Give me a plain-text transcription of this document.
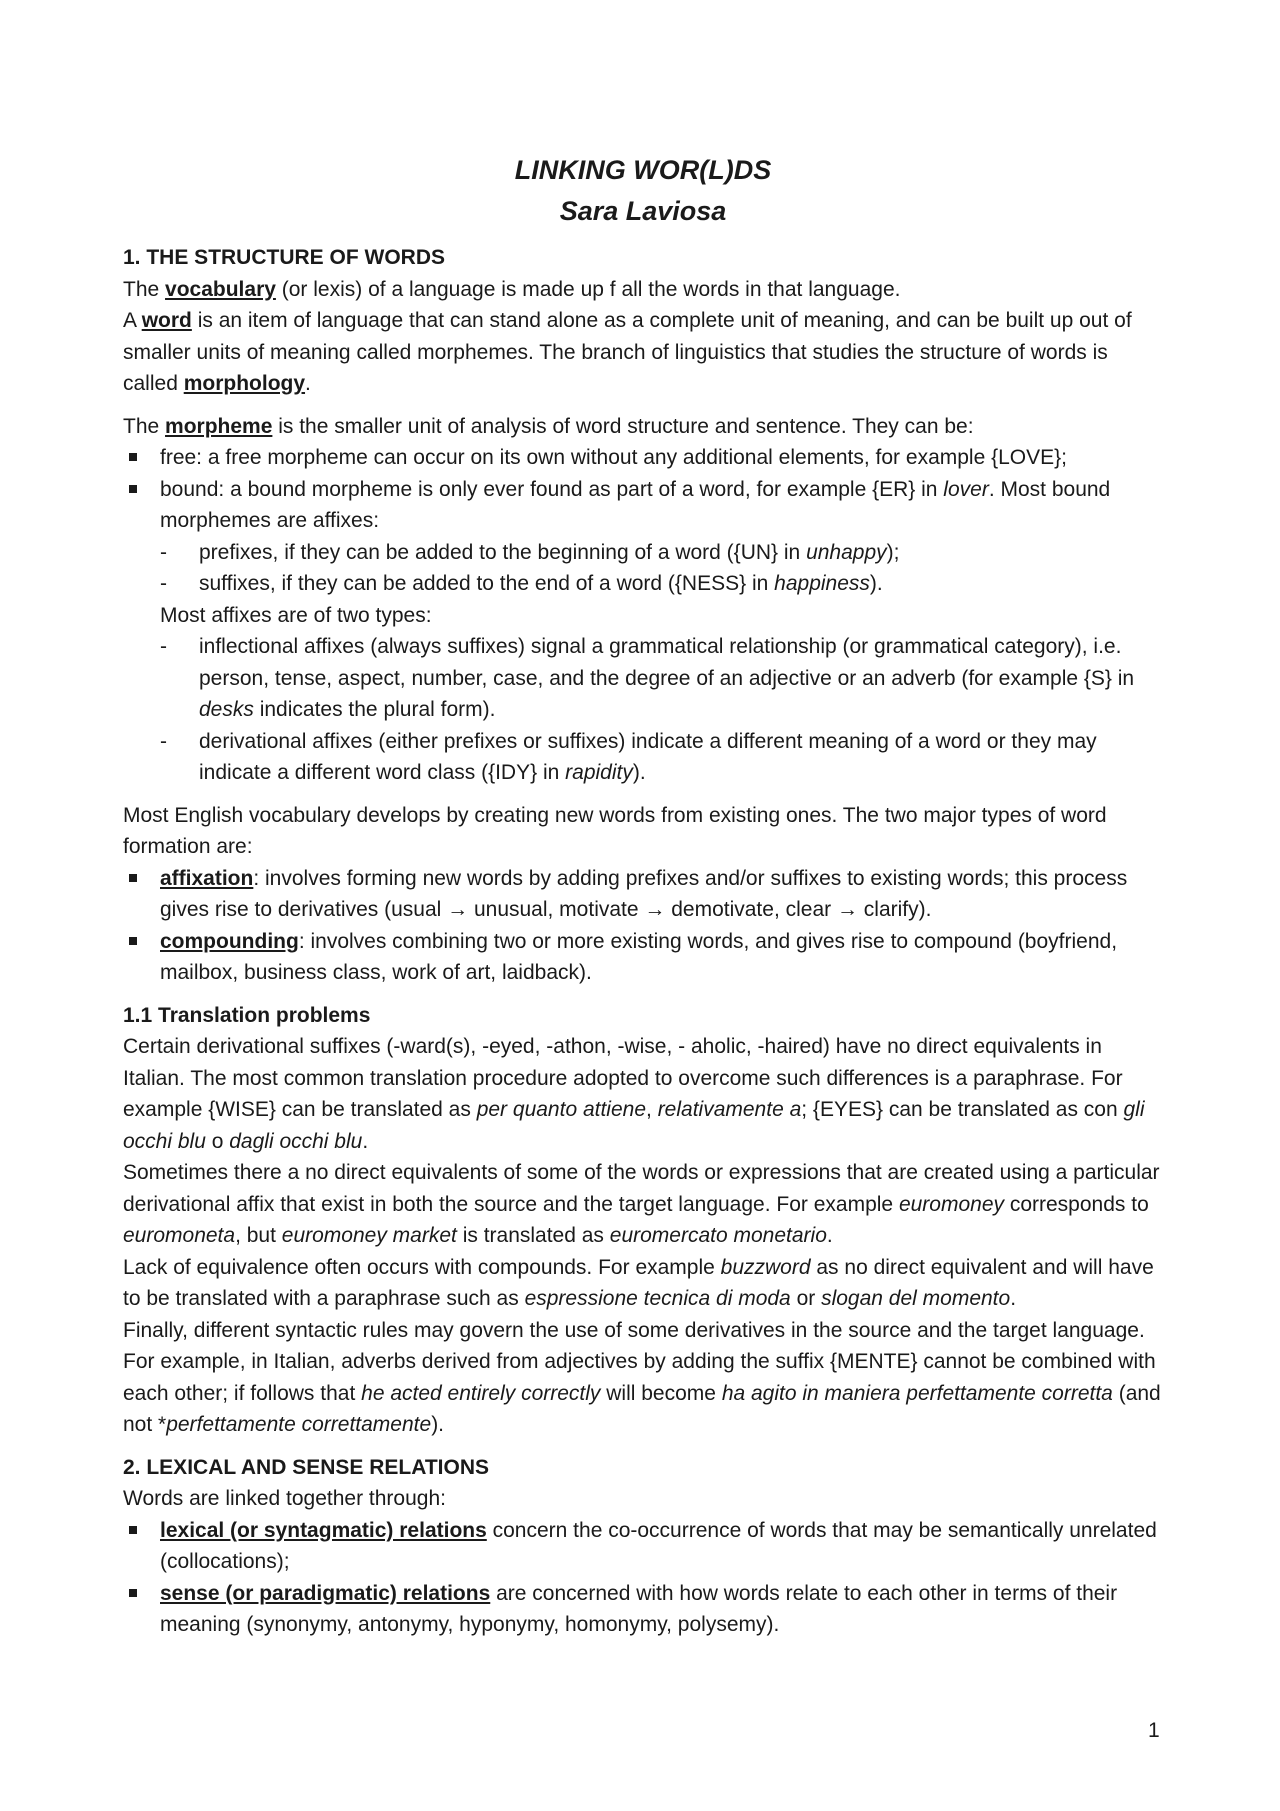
LINKING WOR(L)DS

Sara Laviosa

1. THE STRUCTURE OF WORDS

The vocabulary (or lexis) of a language is made up f all the words in that language.

A word is an item of language that can stand alone as a complete unit of meaning, and can be built up out of smaller units of meaning called morphemes. The branch of linguistics that studies the structure of words is called morphology.

The morpheme is the smaller unit of analysis of word structure and sentence. They can be:

free: a free morpheme can occur on its own without any additional elements, for example {LOVE};
bound: a bound morpheme is only ever found as part of a word, for example {ER} in lover. Most bound morphemes are affixes:
-	prefixes, if they can be added to the beginning of a word ({UN} in unhappy);
-	suffixes, if they can be added to the end of a word ({NESS} in happiness).

Most affixes are of two types:

-	inflectional affixes (always suffixes) signal a grammatical relationship (or grammatical category), i.e. person, tense, aspect, number, case, and the degree of an adjective or an adverb (for example {S} in desks indicates the plural form).
-	derivational affixes (either prefixes or suffixes) indicate a different meaning of a word or they may indicate a different word class ({IDY} in rapidity).

Most English vocabulary develops by creating new words from existing ones. The two major types of word formation are:

affixation: involves forming new words by adding prefixes and/or suffixes to existing words; this process gives rise to derivatives (usual → unusual, motivate → demotivate, clear → clarify).
compounding: involves combining two or more existing words, and gives rise to compound (boyfriend, mailbox, business class, work of art, laidback).

1.1 Translation problems

Certain derivational suffixes (-ward(s), -eyed, -athon, -wise, - aholic, -haired) have no direct equivalents in Italian. The most common translation procedure adopted to overcome such differences is a paraphrase. For example {WISE} can be translated as per quanto attiene, relativamente a; {EYES} can be translated as con gli occhi blu o dagli occhi blu.

Sometimes there a no direct equivalents of some of the words or expressions that are created using a particular derivational affix that exist in both the source and the target language. For example euromoney corresponds to euromoneta, but euromoney market is translated as euromercato monetario.

Lack of equivalence often occurs with compounds. For example buzzword as no direct equivalent and will have to be translated with a paraphrase such as espressione tecnica di moda or slogan del momento.

Finally, different syntactic rules may govern the use of some derivatives in the source and the target language. For example, in Italian, adverbs derived from adjectives by adding the suffix {MENTE} cannot be combined with each other; if follows that he acted entirely correctly will become ha agito in maniera perfettamente corretta (and not *perfettamente correttamente).

2. LEXICAL AND SENSE RELATIONS

Words are linked together through:

lexical (or syntagmatic) relations concern the co-occurrence of words that may be semantically unrelated (collocations);
sense (or paradigmatic) relations are concerned with how words relate to each other in terms of their meaning (synonymy, antonymy, hyponymy, homonymy, polysemy).
1
